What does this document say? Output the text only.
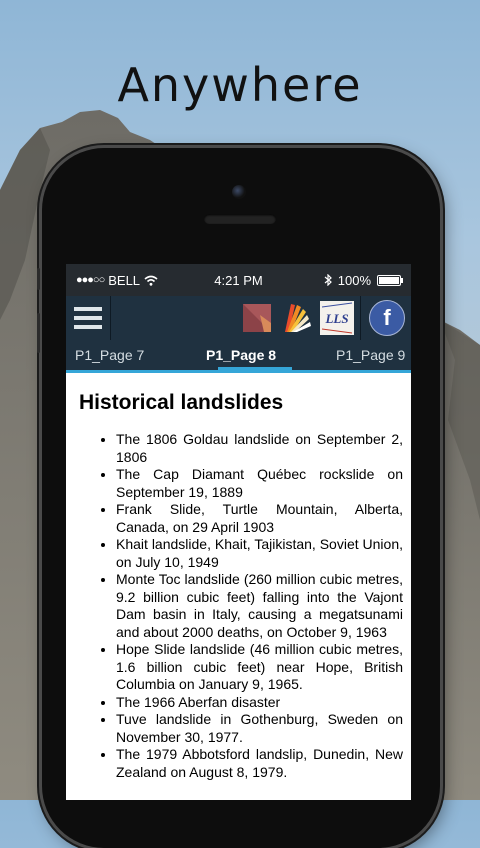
Anywhere
●●●○○ BELL	4:21 PM	100%
LLS f
P1_Page 7	P1_Page 8	P1_Page 9
Historical landslides
• The 1806 Goldau landslide on September 2, 1806
• The Cap Diamant Québec rockslide on September 19, 1889
• Frank Slide, Turtle Mountain, Alberta, Canada, on 29 April 1903
• Khait landslide, Khait, Tajikistan, Soviet Union, on July 10, 1949
• Monte Toc landslide (260 million cubic metres, 9.2 billion cubic feet) falling into the Vajont Dam basin in Italy, causing a megatsunami and about 2000 deaths, on October 9, 1963
• Hope Slide landslide (46 million cubic metres, 1.6 billion cubic feet) near Hope, British Columbia on January 9, 1965.
• The 1966 Aberfan disaster
• Tuve landslide in Gothenburg, Sweden on November 30, 1977.
• The 1979 Abbotsford landslip, Dunedin, New Zealand on August 8, 1979.
